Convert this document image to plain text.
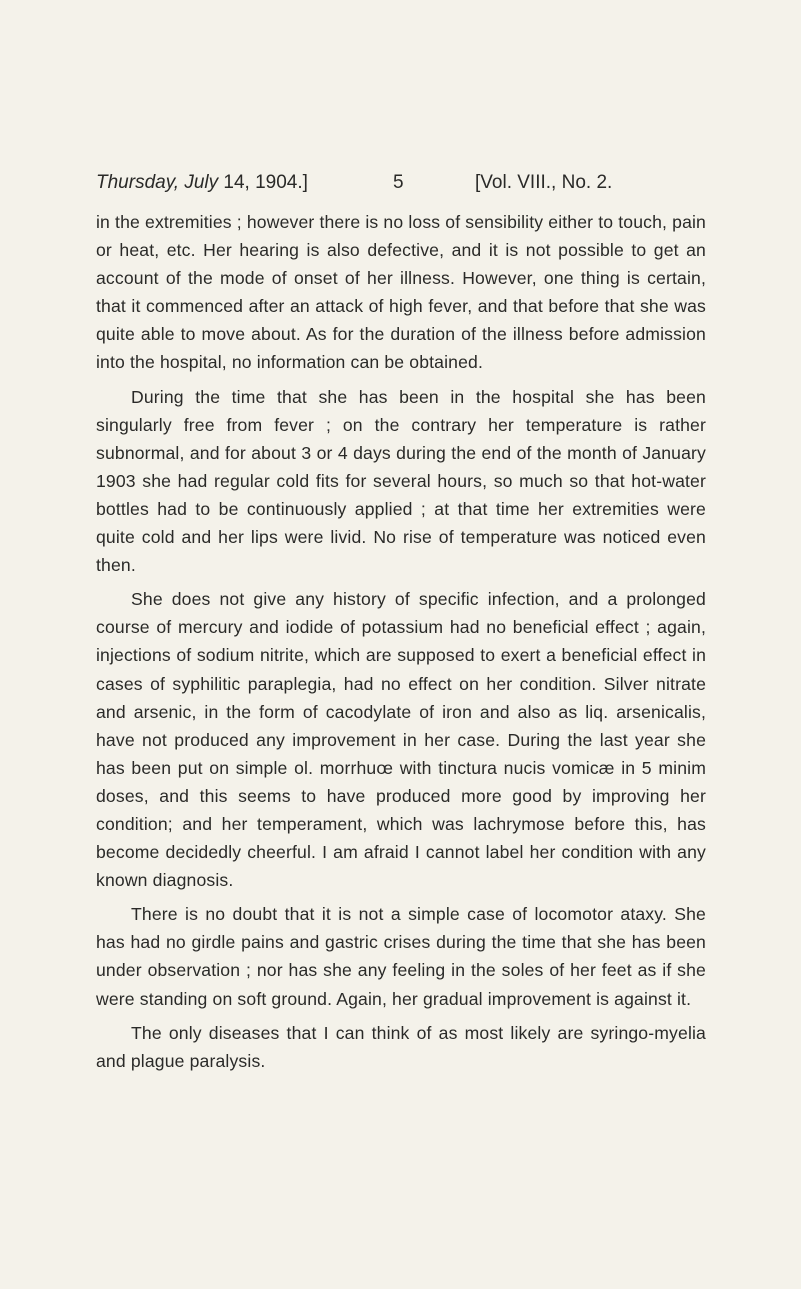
Thursday, July 14, 1904.]	5	[Vol. VIII., No. 2.

in the extremities ; however there is no loss of sensibility either to touch, pain or heat, etc. Her hearing is also defective, and it is not possible to get an account of the mode of onset of her illness. However, one thing is certain, that it commenced after an attack of high fever, and that before that she was quite able to move about. As for the duration of the illness before admission into the hospital, no information can be obtained.

During the time that she has been in the hospital she has been singularly free from fever ; on the contrary her temperature is rather subnormal, and for about 3 or 4 days during the end of the month of January 1903 she had regular cold fits for several hours, so much so that hot-water bottles had to be continuously applied ; at that time her extremities were quite cold and her lips were livid. No rise of temperature was noticed even then.

She does not give any history of specific infection, and a prolonged course of mercury and iodide of potassium had no beneficial effect ; again, injections of sodium nitrite, which are supposed to exert a beneficial effect in cases of syphilitic paraplegia, had no effect on her condition. Silver nitrate and arsenic, in the form of cacodylate of iron and also as liq. arsenicalis, have not produced any improvement in her case. During the last year she has been put on simple ol. morrhuœ with tinctura nucis vomicæ in 5 minim doses, and this seems to have produced more good by improving her condition; and her temperament, which was lachrymose before this, has become decidedly cheerful. I am afraid I cannot label her condition with any known diagnosis.

There is no doubt that it is not a simple case of locomotor ataxy. She has had no girdle pains and gastric crises during the time that she has been under observation ; nor has she any feeling in the soles of her feet as if she were standing on soft ground. Again, her gradual improvement is against it.

The only diseases that I can think of as most likely are syringo-myelia and plague paralysis.
